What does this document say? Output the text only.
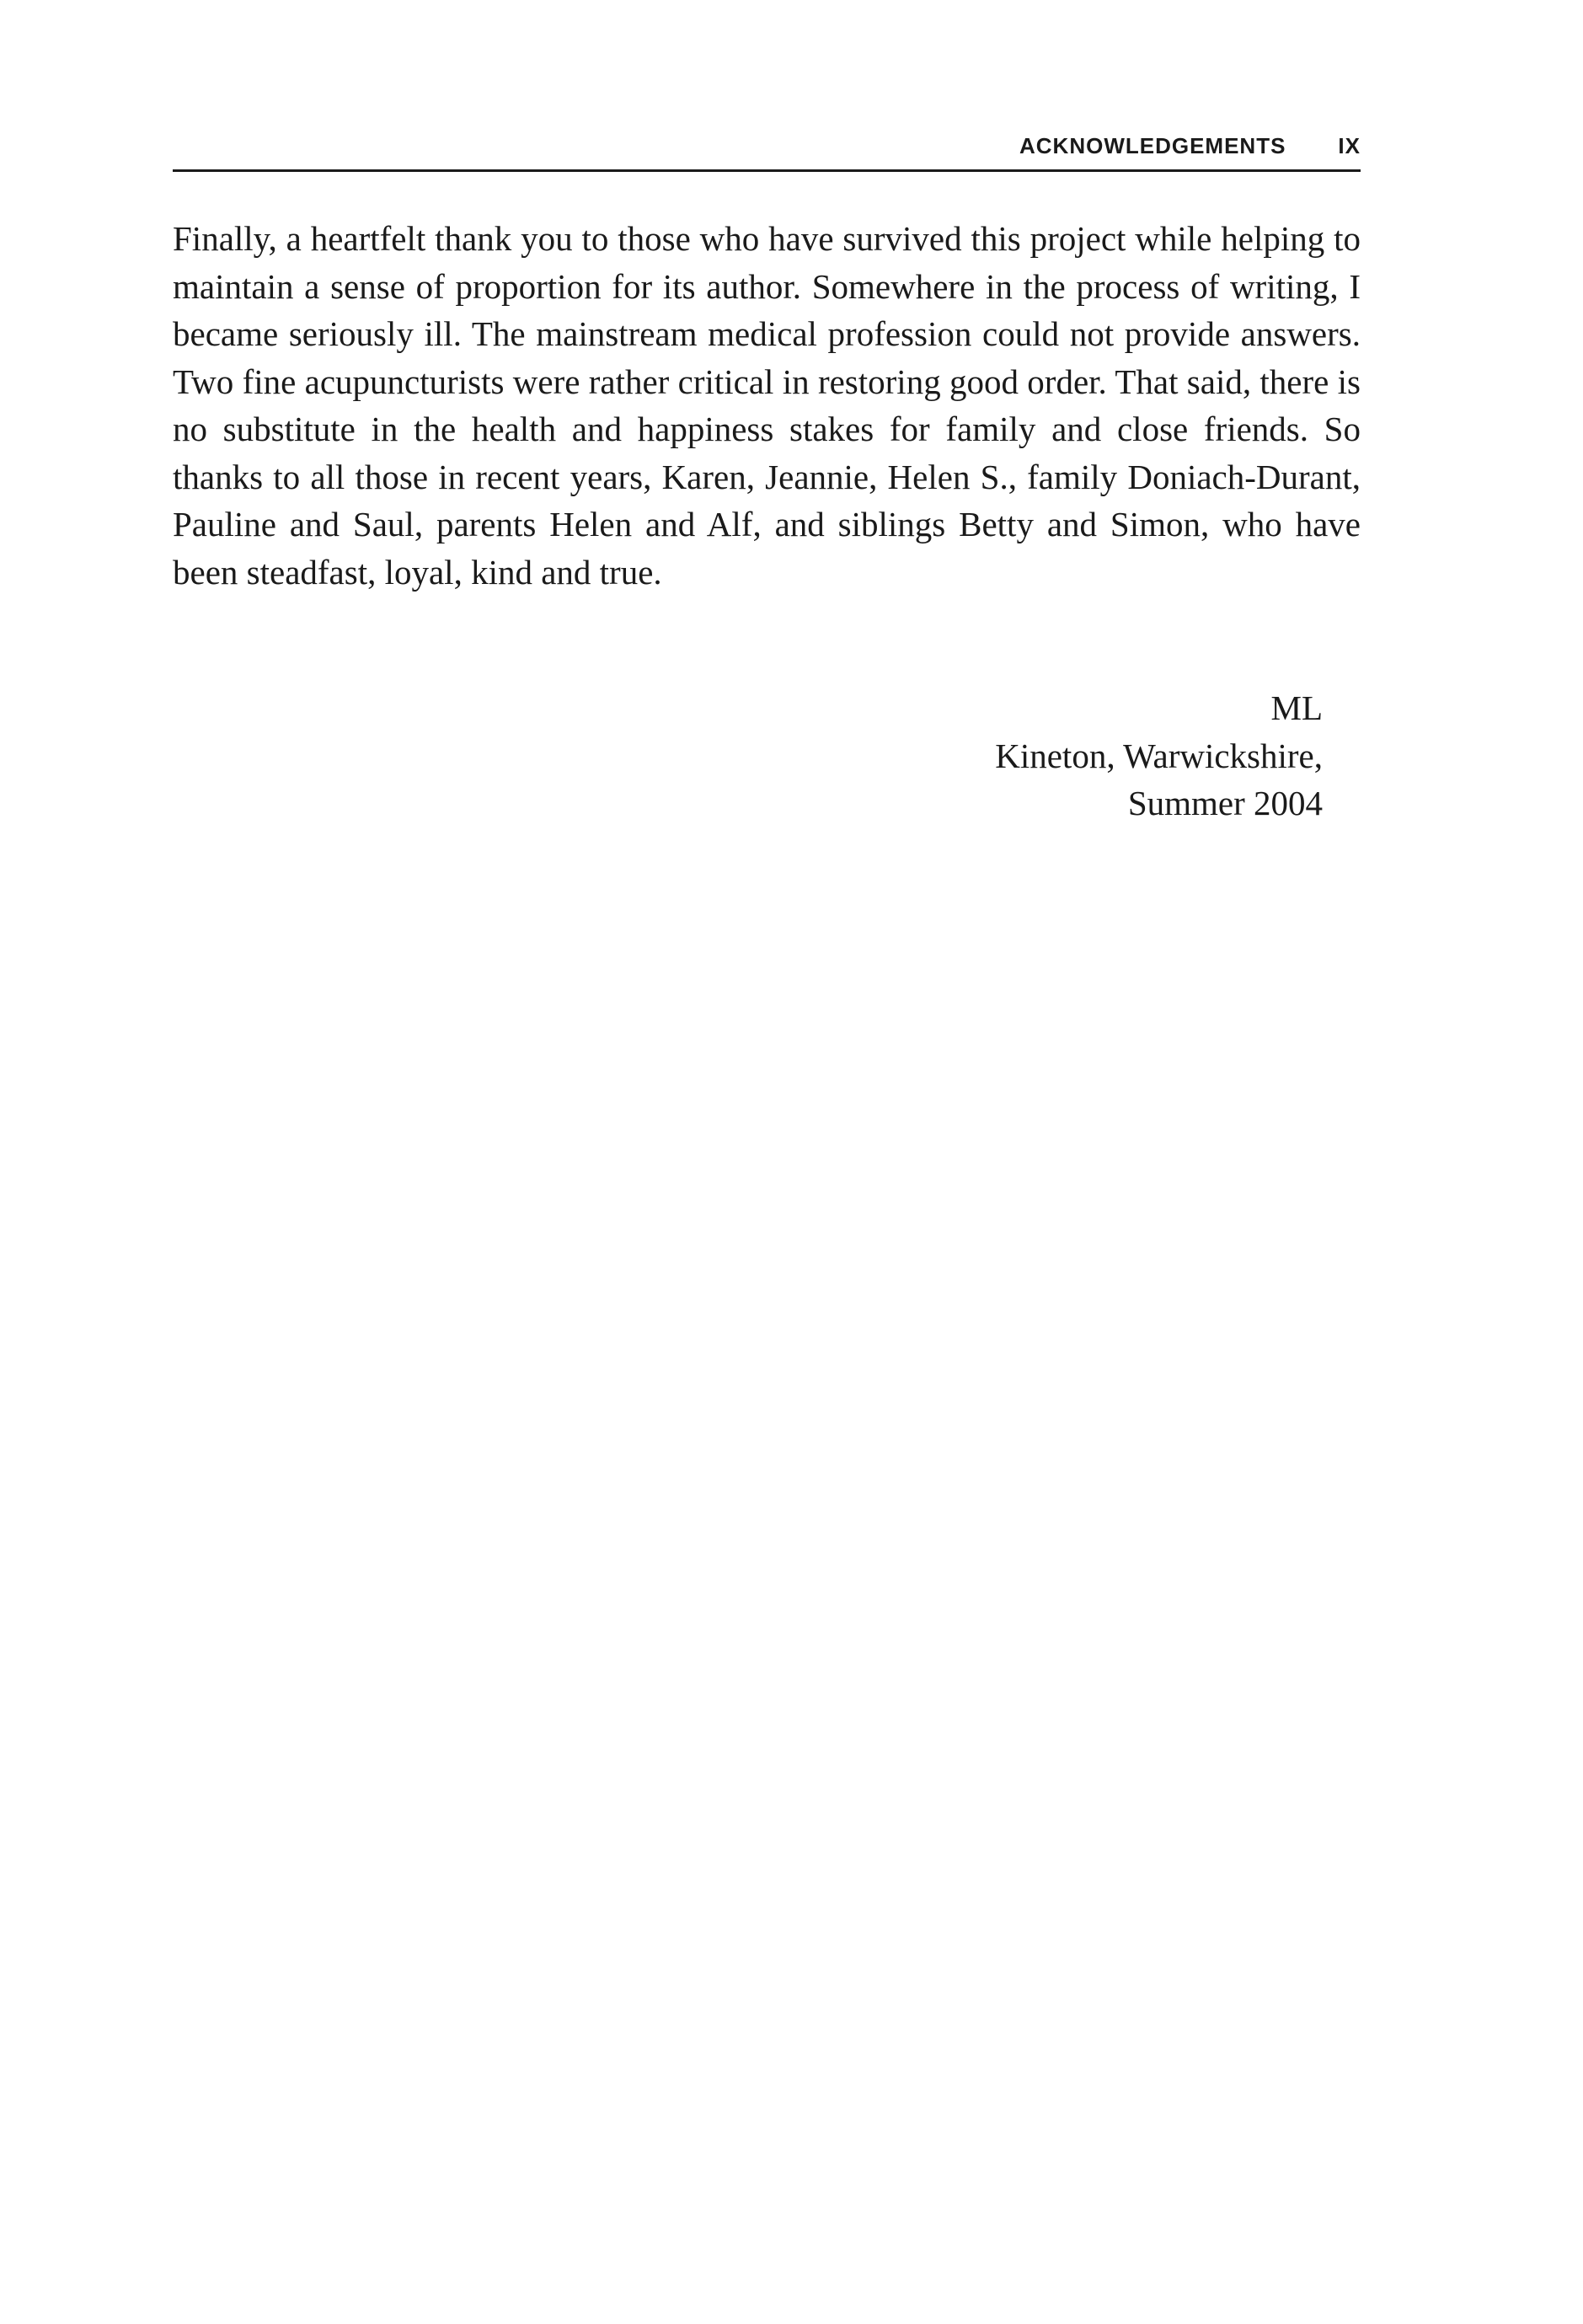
ACKNOWLEDGEMENTS IX

Finally, a heartfelt thank you to those who have survived this project while helping to maintain a sense of proportion for its author. Somewhere in the process of writing, I became seriously ill. The mainstream medical profession could not provide answers. Two fine acupuncturists were rather critical in restoring good order. That said, there is no substitute in the health and happiness stakes for family and close friends. So thanks to all those in recent years, Karen, Jeannie, Helen S., family Doniach-Durant, Pauline and Saul, parents Helen and Alf, and siblings Betty and Simon, who have been steadfast, loyal, kind and true.

ML
Kineton, Warwickshire,
Summer 2004
